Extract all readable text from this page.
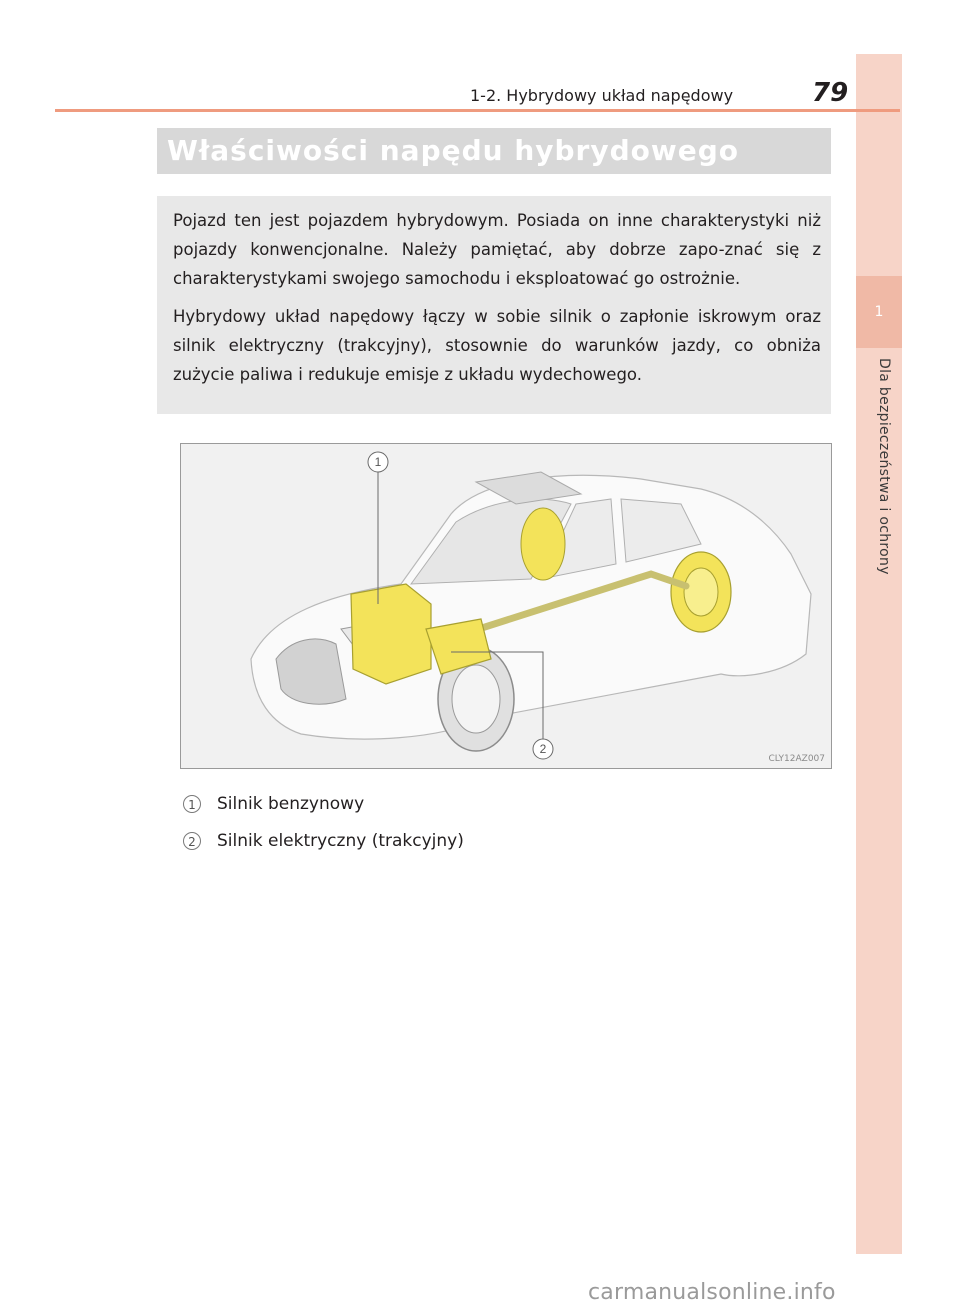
1
Dla bezpieczeństwa i ochrony
1-2. Hybrydowy układ napędowy	79
Właściwości napędu hybrydowego

Pojazd ten jest pojazdem hybrydowym. Posiada on inne charakterystyki niż pojazdy konwencjonalne. Należy pamiętać, aby dobrze zapo-znać się z charakterystykami swojego samochodu i eksploatować go ostrożnie.

Hybrydowy układ napędowy łączy w sobie silnik o zapłonie iskrowym oraz silnik elektryczny (trakcyjny), stosownie do warunków jazdy, co obniża zużycie paliwa i redukuje emisje z układu wydechowego.

1
2
CLY12AZ007
1	Silnik benzynowy
2	Silnik elektryczny (trakcyjny)
carmanualsonline.info
